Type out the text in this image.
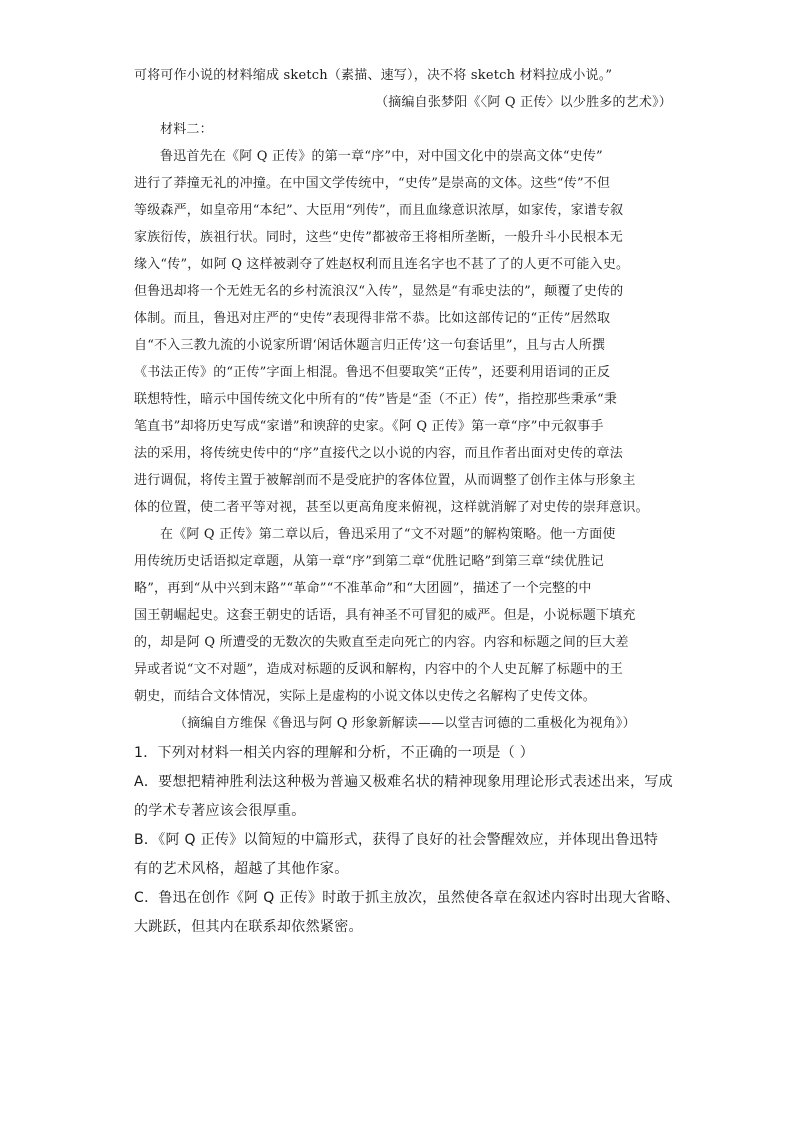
可将可作小说的材料缩成 sketch（素描、速写），决不将 sketch 材料拉成小说。”
（摘编自张梦阳《〈阿 Q 正传〉以少胜多的艺术》）
材料二：
鲁迅首先在《阿 Q 正传》的第一章“序”中，对中国文化中的崇高文体“史传”
进行了莽撞无礼的冲撞。在中国文学传统中，“史传”是崇高的文体。这些“传”不但
等级森严，如皇帝用“本纪”、大臣用“列传”，而且血缘意识浓厚，如家传，家谱专叙
家族衍传，族祖行状。同时，这些“史传”都被帝王将相所垄断，一般升斗小民根本无
缘入“传”，如阿 Q 这样被剥夺了姓赵权利而且连名字也不甚了了的人更不可能入史。
但鲁迅却将一个无姓无名的乡村流浪汉“入传”，显然是“有乖史法的”，颠覆了史传的
体制。而且，鲁迅对庄严的“史传”表现得非常不恭。比如这部传记的“正传”居然取
自“不入三教九流的小说家所谓‘闲话休题言归正传’这一句套话里”，且与古人所撰
《书法正传》的“正传”字面上相混。鲁迅不但要取笑“正传”，还要利用语词的正反
联想特性，暗示中国传统文化中所有的“传”皆是“歪（不正）传”，指控那些秉承“秉
笔直书”却将历史写成“家谱”和谀辞的史家。《阿 Q 正传》第一章“序”中元叙事手
法的采用，将传统史传中的“序”直接代之以小说的内容，而且作者出面对史传的章法
进行调侃，将传主置于被解剖而不是受庇护的客体位置，从而调整了创作主体与形象主
体的位置，使二者平等对视，甚至以更高角度来俯视，这样就消解了对史传的崇拜意识。
在《阿 Q 正传》第二章以后，鲁迅采用了“文不对题”的解构策略。他一方面使
用传统历史话语拟定章题，从第一章“序”到第二章“优胜记略”到第三章“续优胜记
略”，再到“从中兴到末路”“革命”“不准革命”和“大团圆”，描述了一个完整的中
国王朝崛起史。这套王朝史的话语，具有神圣不可冒犯的威严。但是，小说标题下填充
的，却是阿 Q 所遭受的无数次的失败直至走向死亡的内容。内容和标题之间的巨大差
异或者说“文不对题”，造成对标题的反讽和解构，内容中的个人史瓦解了标题中的王
朝史，而结合文体情况，实际上是虚构的小说文体以史传之名解构了史传文体。
（摘编自方维保《鲁迅与阿 Q 形象新解读——以堂吉诃德的二重极化为视角》）
1．下列对材料一相关内容的理解和分析，不正确的一项是（ ）
A．要想把精神胜利法这种极为普遍又极难名状的精神现象用理论形式表述出来，写成
的学术专著应该会很厚重。
B．《阿 Q 正传》以简短的中篇形式，获得了良好的社会警醒效应，并体现出鲁迅特
有的艺术风格，超越了其他作家。
C．鲁迅在创作《阿 Q 正传》时敢于抓主放次，虽然使各章在叙述内容时出现大省略、
大跳跃，但其内在联系却依然紧密。
